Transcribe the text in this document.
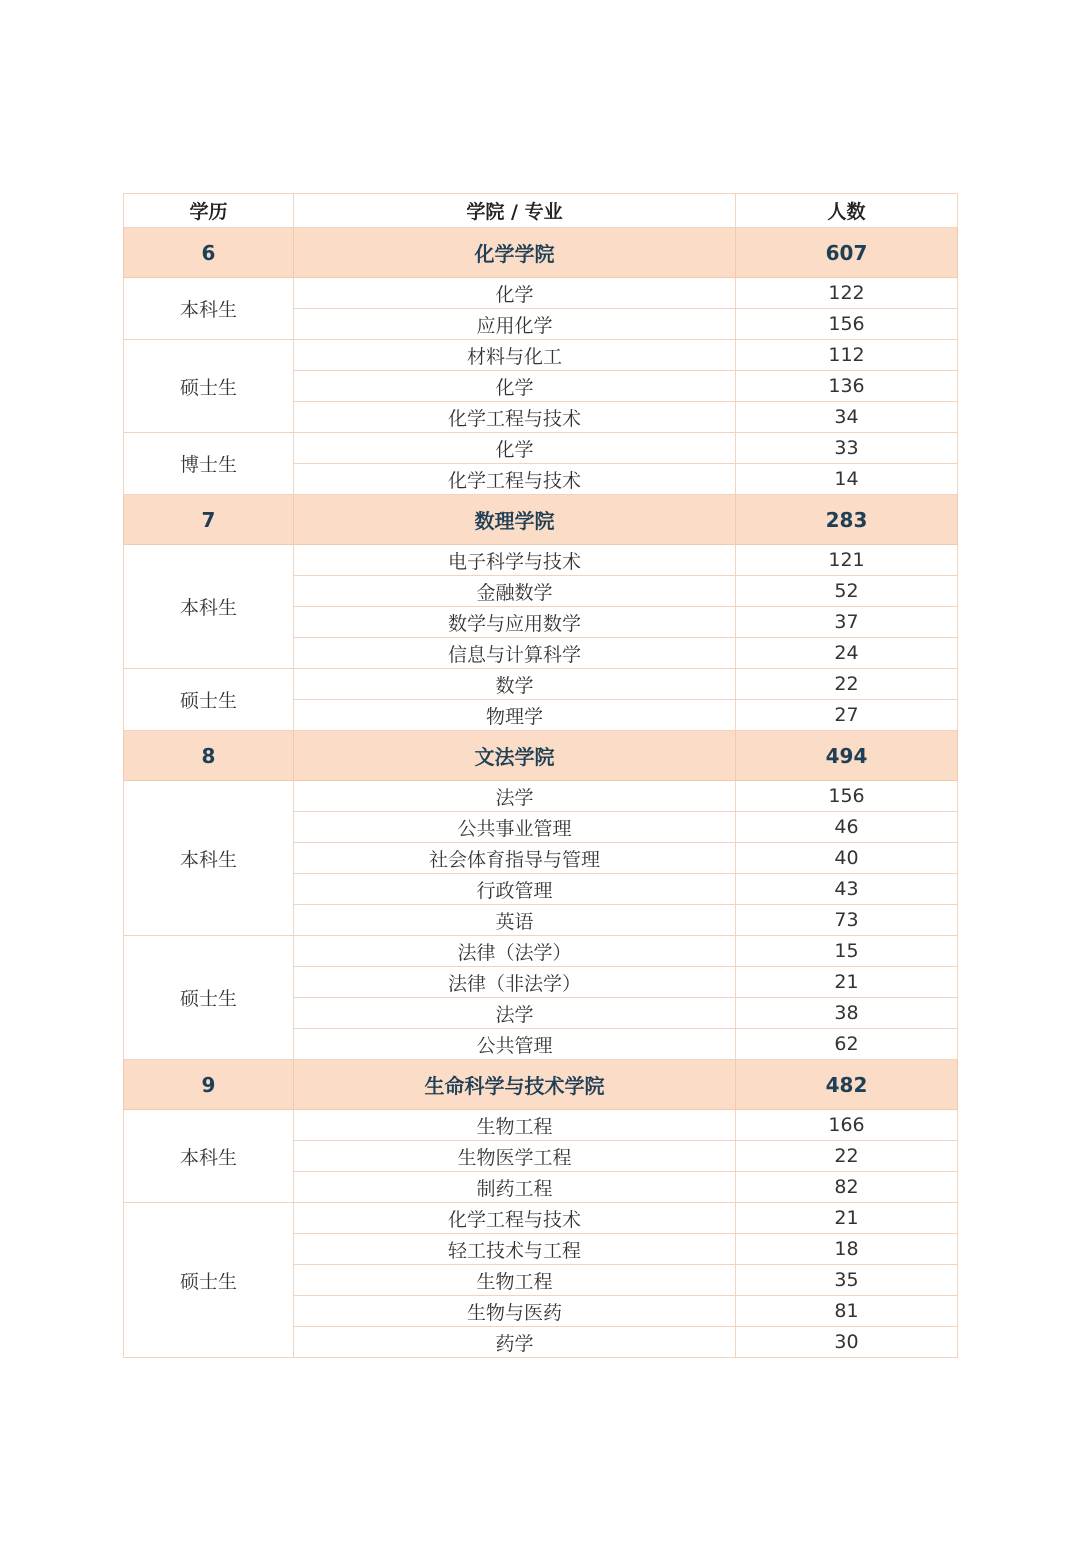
学历	学院 / 专业	人数
6	化学学院	607
本科生	化学	122
	应用化学	156
硕士生	材料与化工	112
	化学	136
	化学工程与技术	34
博士生	化学	33
	化学工程与技术	14
7	数理学院	283
本科生	电子科学与技术	121
	金融数学	52
	数学与应用数学	37
	信息与计算科学	24
硕士生	数学	22
	物理学	27
8	文法学院	494
本科生	法学	156
	公共事业管理	46
	社会体育指导与管理	40
	行政管理	43
	英语	73
硕士生	法律（法学）	15
	法律（非法学）	21
	法学	38
	公共管理	62
9	生命科学与技术学院	482
本科生	生物工程	166
	生物医学工程	22
	制药工程	82
硕士生	化学工程与技术	21
	轻工技术与工程	18
	生物工程	35
	生物与医药	81
	药学	30
